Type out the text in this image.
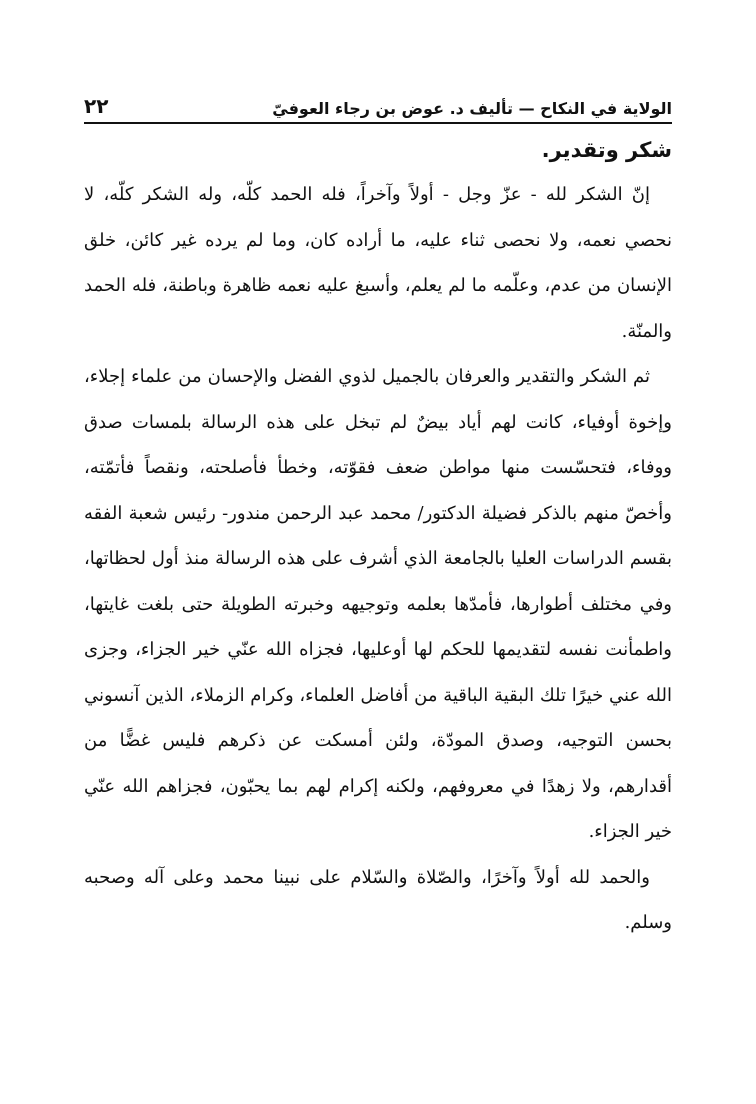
الولاية في النكاح — تأليف د. عوض بن رجاء العوفيّ
٢٢

شكر وتقدير.

إنّ الشكر لله - عزّ وجل - أولاً وآخراً، فله الحمد كلّه، وله الشكر كلّه، لا نحصي نعمه، ولا نحصى ثناء عليه، ما أراده كان، وما لم يرده غير كائن، خلق الإنسان من عدم، وعلّمه ما لم يعلم، وأسبغ عليه نعمه ظاهرة وباطنة، فله الحمد والمنّة.

ثم الشكر والتقدير والعرفان بالجميل لذوي الفضل والإحسان من علماء إجلاء، وإخوة أوفياء، كانت لهم أياد بيضٌ لم تبخل على هذه الرسالة بلمسات صدق ووفاء، فتحسّست منها مواطن ضعف فقوّته، وخطأ فأصلحته، ونقصاً فأتمّته، وأخصّ منهم بالذكر فضيلة الدكتور/ محمد عبد الرحمن مندور- رئيس شعبة الفقه بقسم الدراسات العليا بالجامعة الذي أشرف على هذه الرسالة منذ أول لحظاتها، وفي مختلف أطوارها، فأمدّها بعلمه وتوجيهه وخبرته الطويلة حتى بلغت غايتها، واطمأنت نفسه لتقديمها للحكم لها أوعليها، فجزاه الله عنّي خير الجزاء، وجزى الله عني خيرًا تلك البقية الباقية من أفاضل العلماء، وكرام الزملاء، الذين آنسوني بحسن التوجيه، وصدق المودّة، ولئن أمسكت عن ذكرهم فليس غضًّا من أقدارهم، ولا زهدًا في معروفهم، ولكنه إكرام لهم بما يحبّون، فجزاهم الله عنّي خير الجزاء.

والحمد لله أولاً وآخرًا، والصّلاة والسّلام على نبينا محمد وعلى آله وصحبه وسلم.
